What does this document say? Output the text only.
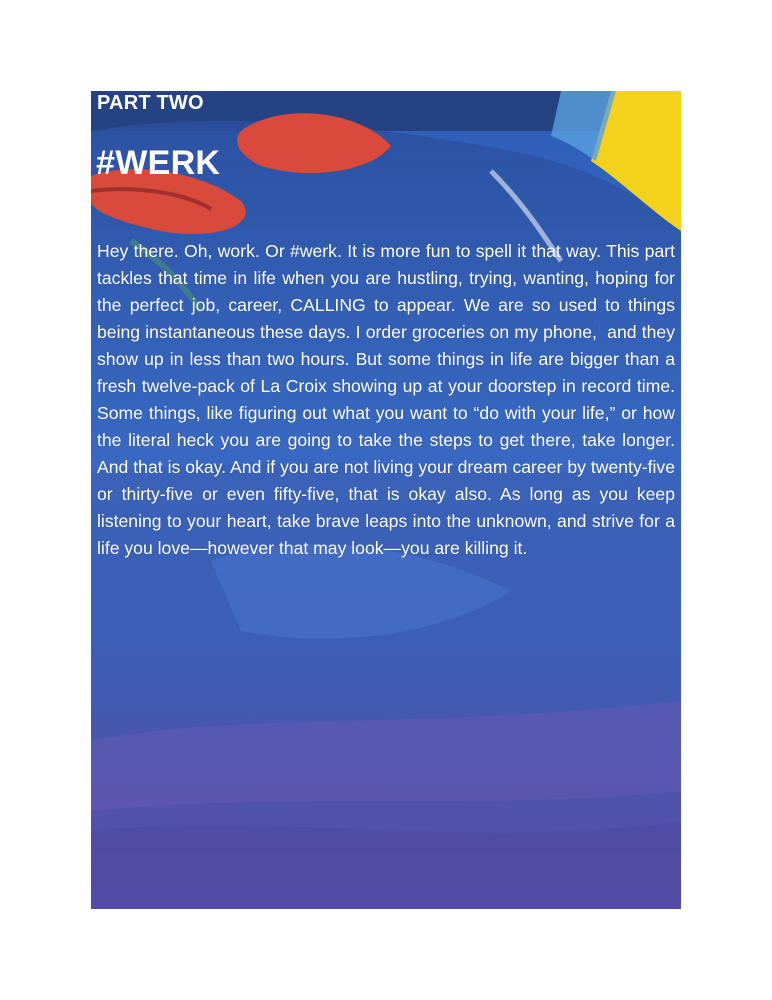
PART TWO
#WERK

Hey there. Oh, work. Or #werk. It is more fun to spell it that way. This part tackles that time in life when you are hustling, trying, wanting, hoping for the perfect job, career, CALLING to appear. We are so used to things being instantaneous these days. I order groceries on my phone,$^1$ and they show up in less than two hours. But some things in life are bigger than a fresh twelve-pack of La Croix showing up at your doorstep in record time. Some things, like figuring out what you want to “do with your life,” or how the literal heck you are going to take the steps to get there, take longer. And that is okay. And if you are not living your dream career by twenty-five or thirty-five or even fifty-five, that is okay also. As long as you keep listening to your heart, take brave leaps into the unknown, and strive for a life you love—however that may look—you are killing it.
